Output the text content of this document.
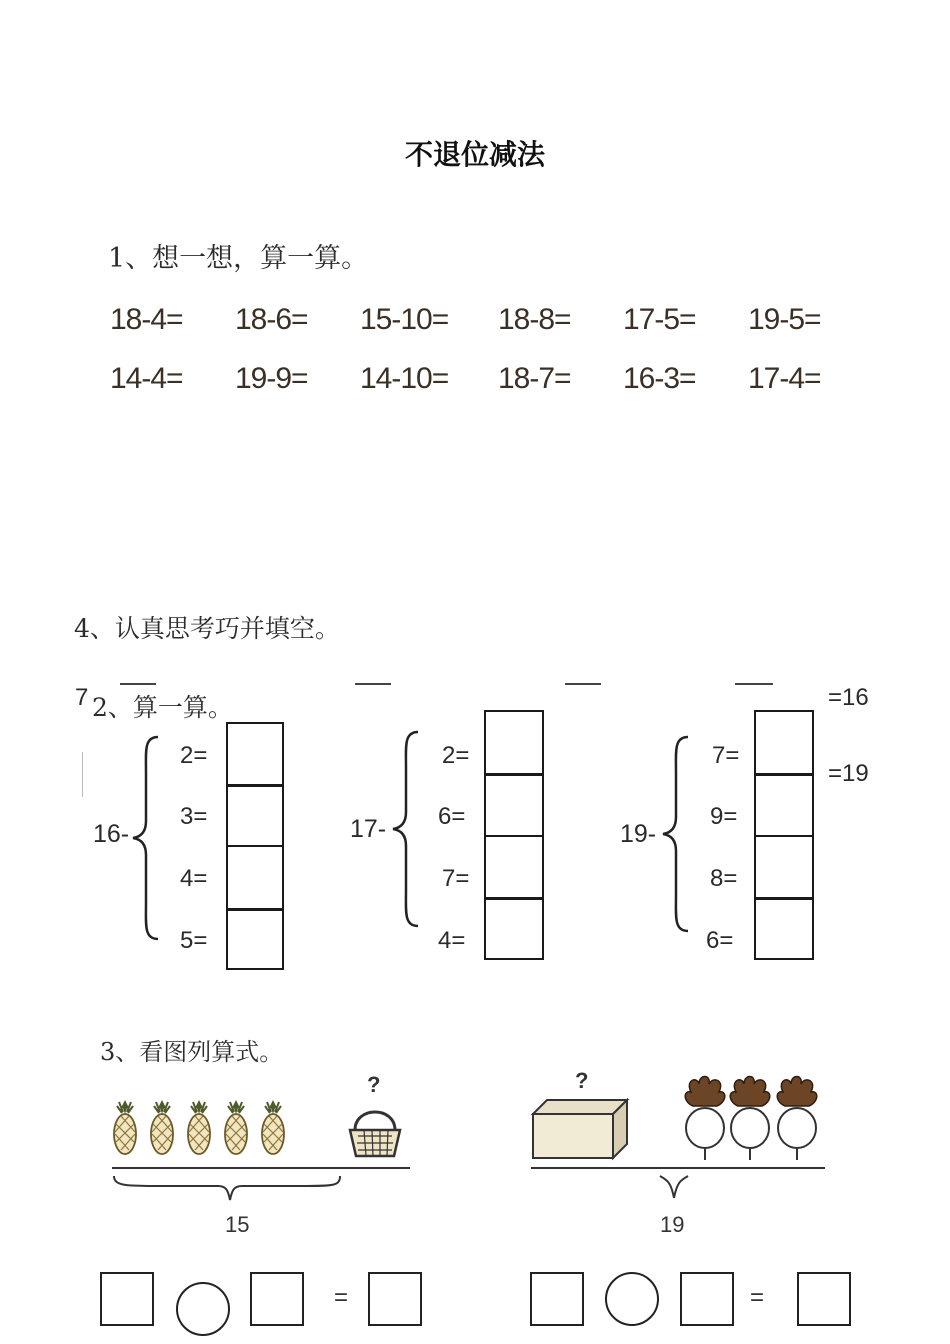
不退位减法
1、想一想，算一算。
18-4= 18-6= 15-10= 18-8= 17-5= 19-5=
14-4= 19-9= 14-10= 18-7= 16-3= 17-4=
4、认真思考巧并填空。
7	=16
=19
2、算一算。
16-
2=
3=
4=
5=
17-
2=
6=
7=
4=
19-
7=
9=
8=
6=
3、看图列算式。
?
15
?
19
=	=
